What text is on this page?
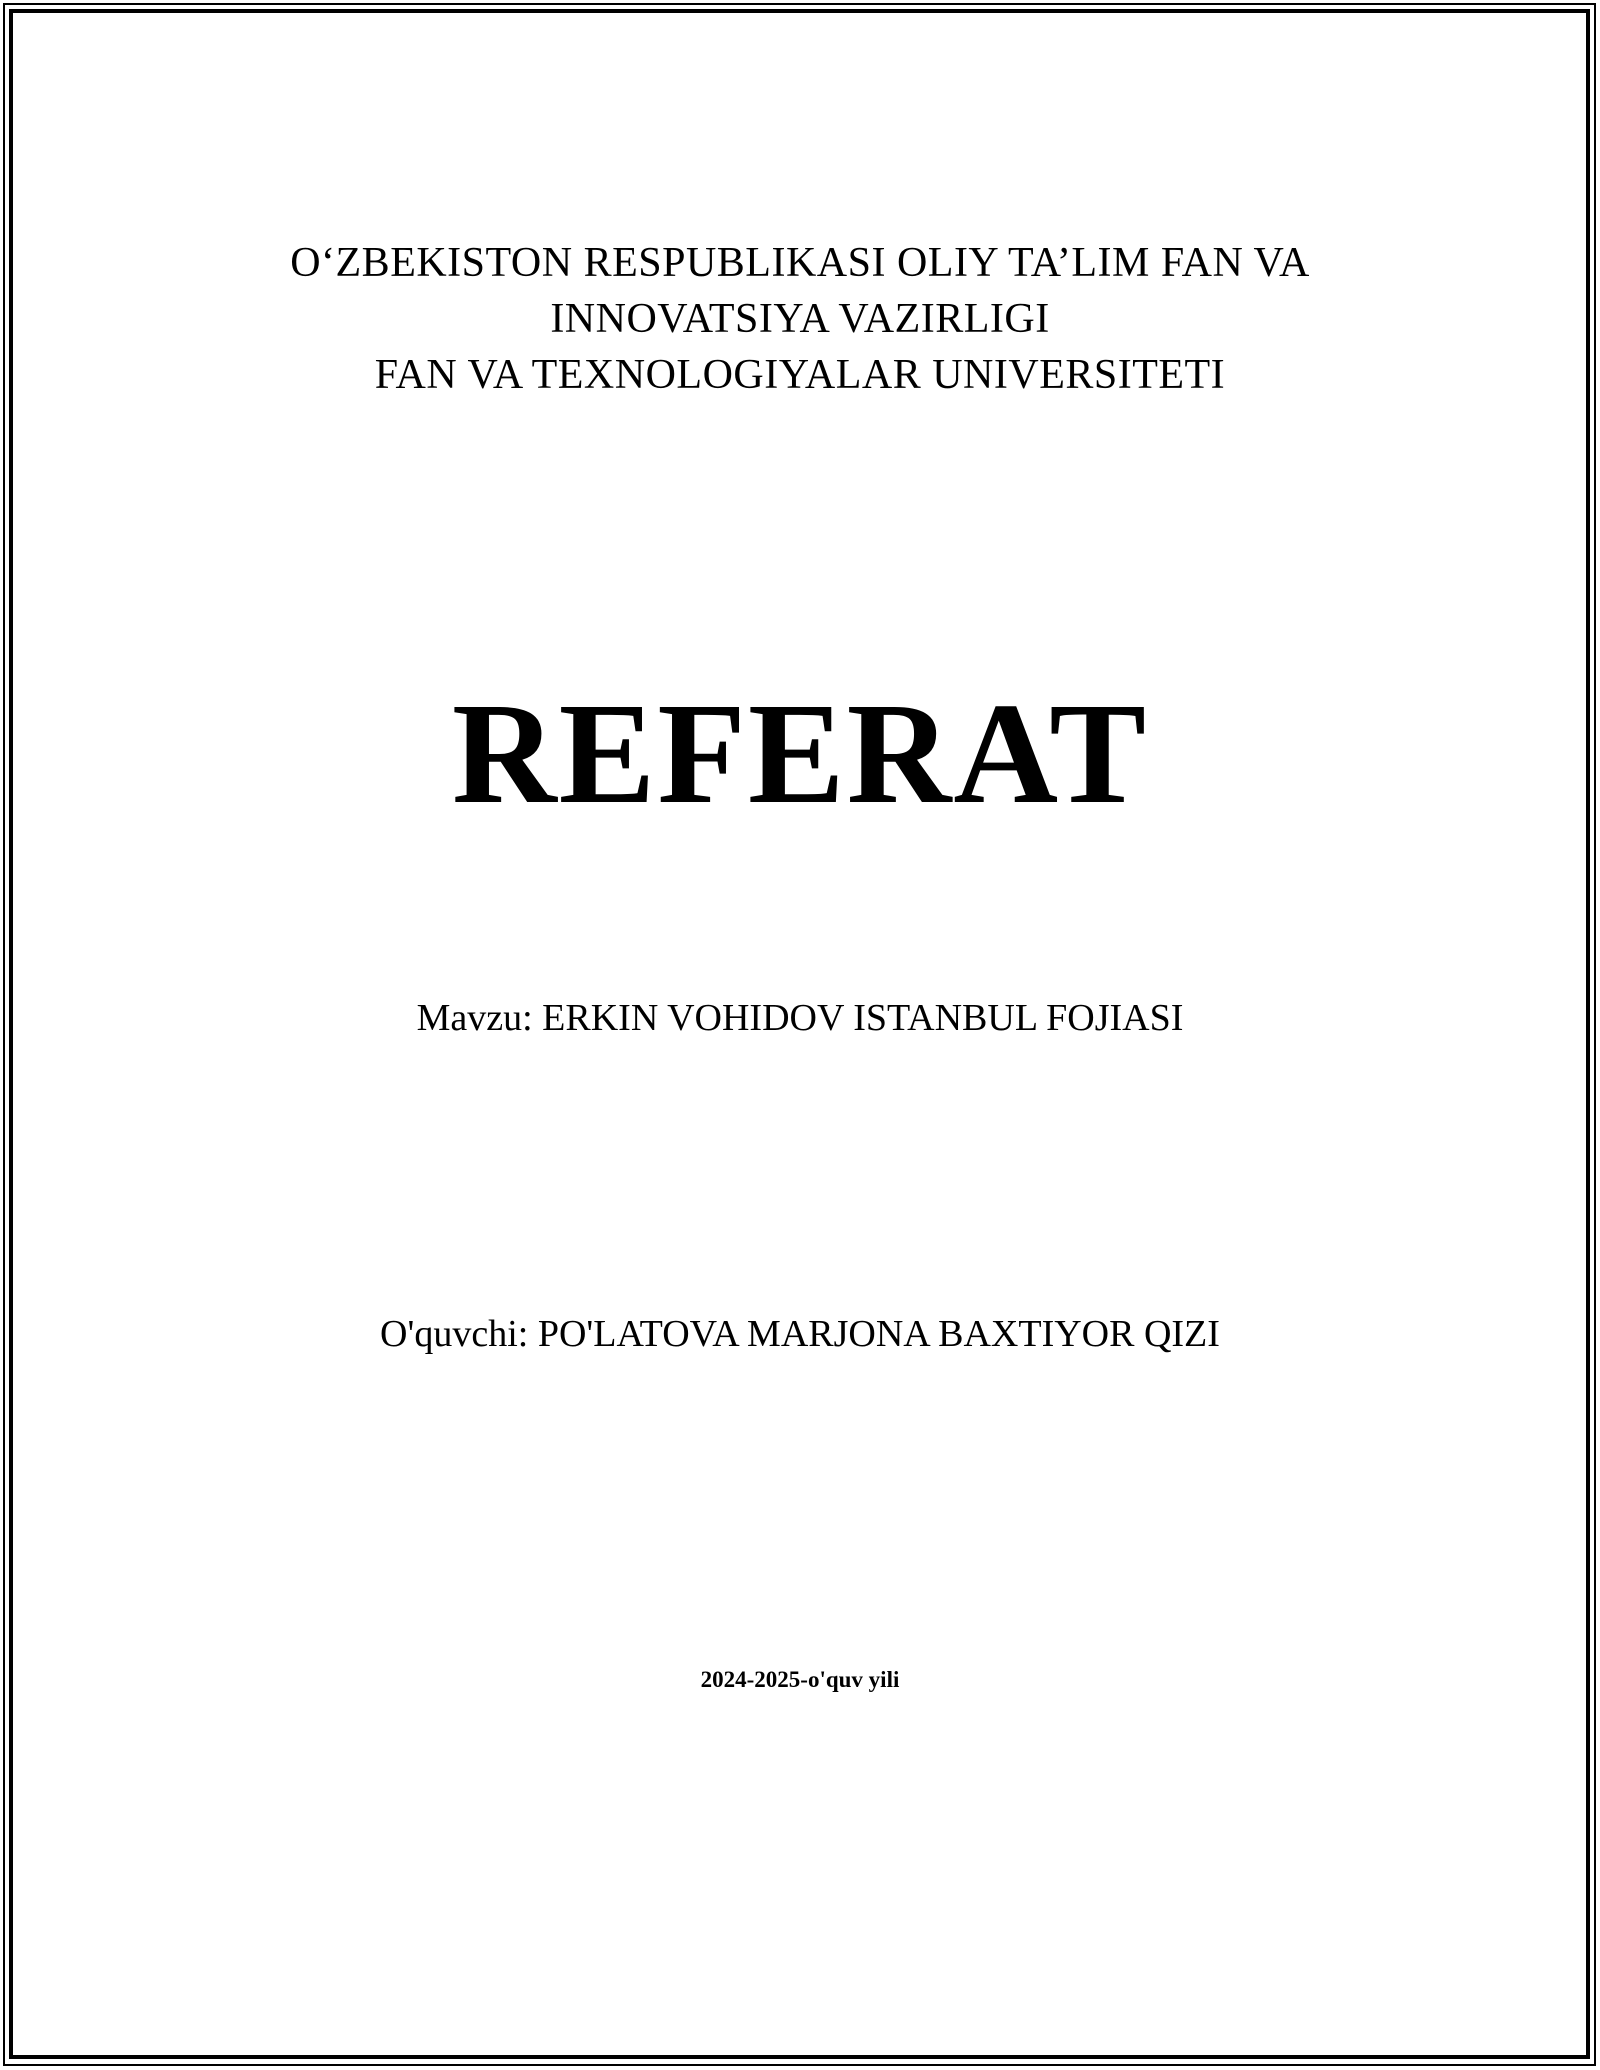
O‘ZBEKISTON RESPUBLIKASI OLIY TA’LIM FAN VA
INNOVATSIYA VAZIRLIGI
FAN VA TEXNOLOGIYALAR UNIVERSITETI
REFERAT
Mavzu: ERKIN VOHIDOV ISTANBUL FOJIASI
O'quvchi: PO'LATOVA MARJONA BAXTIYOR QIZI
2024-2025-o'quv yili
